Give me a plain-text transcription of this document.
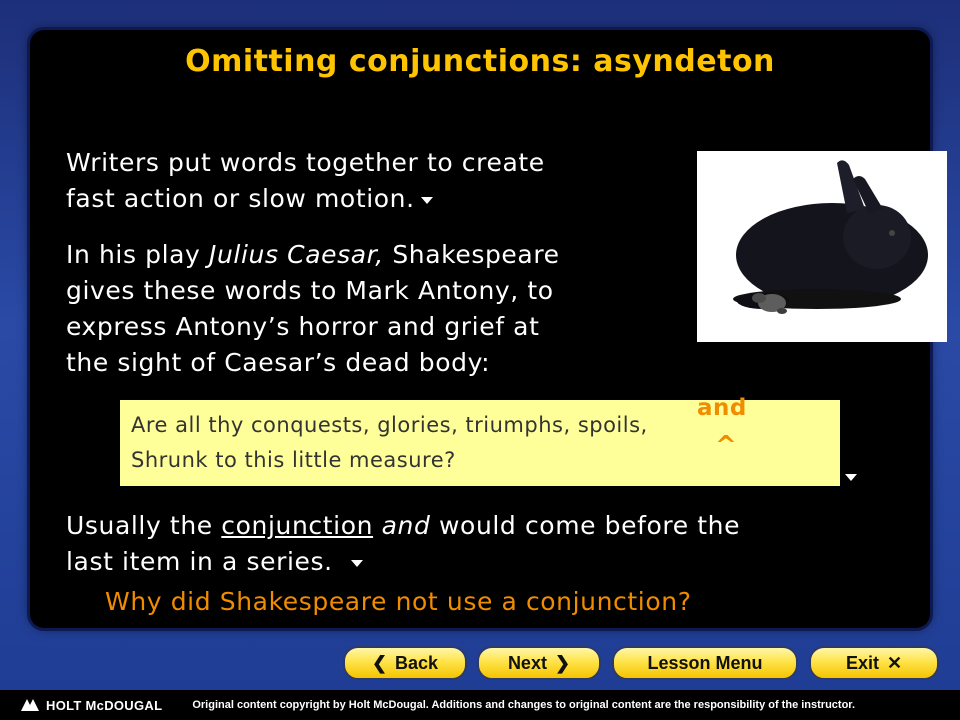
Omitting conjunctions: asyndeton
Writers put words together to create
fast action or slow motion.
In his play Julius Caesar, Shakespeare
gives these words to Mark Antony, to
express Antony’s horror and grief at
the sight of Caesar’s dead body:
Are all thy conquests, glories, triumphs, spoils,
Shrunk to this little measure?
and
^
Usually the conjunction and would come before the
last item in a series.
Why did Shakespeare not use a conjunction?
❮ Back	Next ❯	Lesson Menu	Exit ✕
HOLT McDOUGAL	Original content copyright by Holt McDougal. Additions and changes to original content are the responsibility of the instructor.
